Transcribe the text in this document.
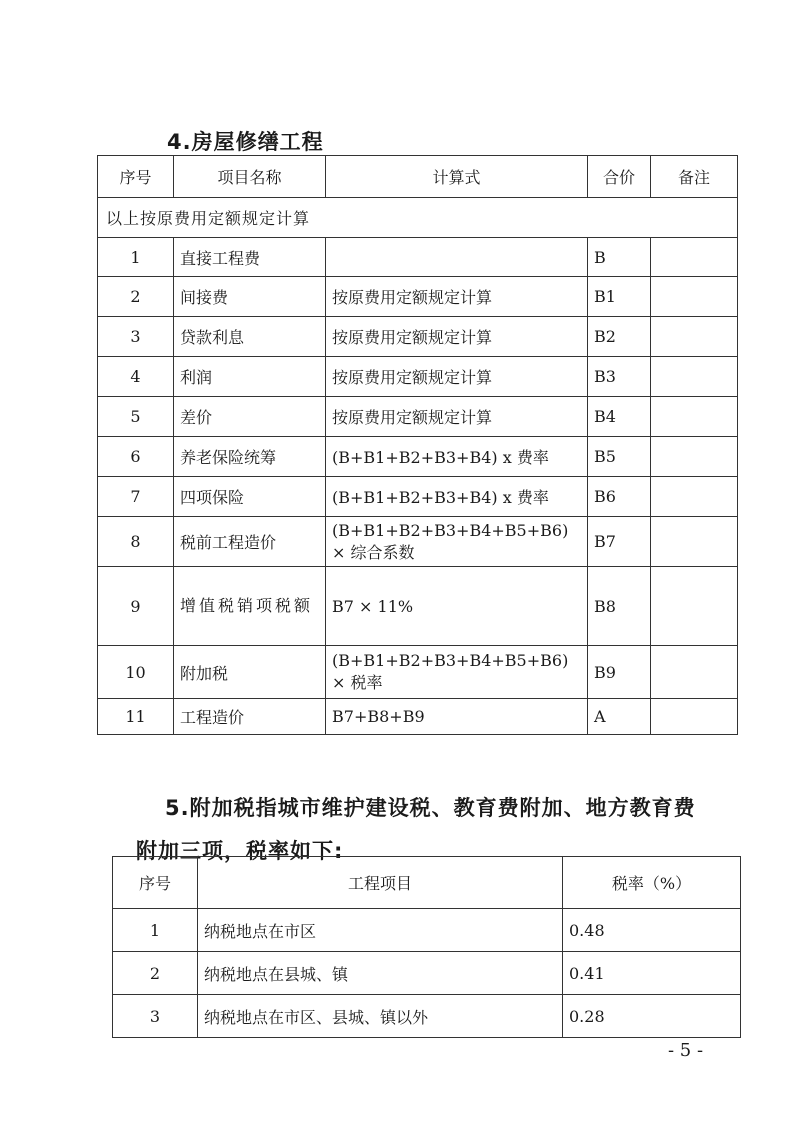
4.房屋修缮工程
序号	项目名称	计算式	合价	备注
以上按原费用定额规定计算				
1	直接工程费		B	
2	间接费	按原费用定额规定计算	B1	
3	贷款利息	按原费用定额规定计算	B2	
4	利润	按原费用定额规定计算	B3	
5	差价	按原费用定额规定计算	B4	
6	养老保险统筹	(B+B1+B2+B3+B4) x 费率	B5	
7	四项保险	(B+B1+B2+B3+B4) x 费率	B6	
8	税前工程造价	(B+B1+B2+B3+B4+B5+B6) × 综合系数	B7	
9	增值税销项税额	B7 × 11%	B8	
10	附加税	(B+B1+B2+B3+B4+B5+B6) × 税率	B9	
11	工程造价	B7+B8+B9	A	
5.附加税指城市维护建设税、教育费附加、地方教育费
附加三项，税率如下:
序号	工程项目	税率（%）
1	纳税地点在市区	0.48
2	纳税地点在县城、镇	0.41
3	纳税地点在市区、县城、镇以外	0.28
- 5 -
